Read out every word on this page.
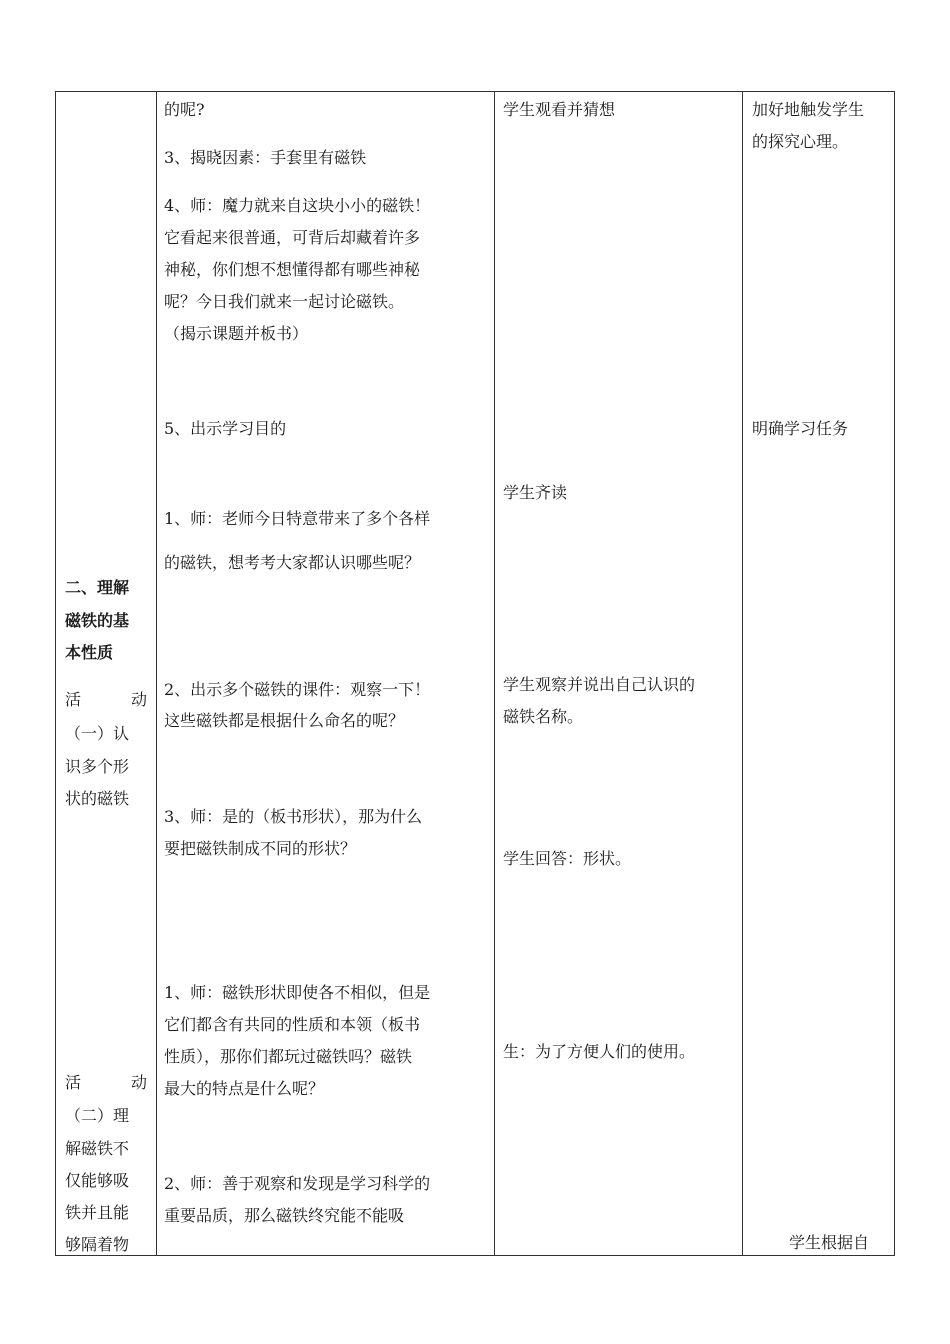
二、理解
磁铁的基
本性质
活	动
（一）认
识多个形
状的磁铁
活	动
（二）理
解磁铁不
仅能够吸
铁并且能
够隔着物
的呢?
3、揭晓因素：手套里有磁铁
4、师：魔力就来自这块小小的磁铁！
它看起来很普通，可背后却藏着许多
神秘，你们想不想懂得都有哪些神秘
呢？今日我们就来一起讨论磁铁。
（揭示课题并板书）
5、出示学习目的
1、师：老师今日特意带来了多个各样
的磁铁，想考考大家都认识哪些呢？
2、出示多个磁铁的课件：观察一下！
这些磁铁都是根据什么命名的呢？
3、师：是的（板书形状），那为什么
要把磁铁制成不同的形状？
1、师：磁铁形状即使各不相似，但是
它们都含有共同的性质和本领（板书
性质），那你们都玩过磁铁吗？磁铁
最大的特点是什么呢？
2、师：善于观察和发现是学习科学的
重要品质，那么磁铁终究能不能吸
学生观看并猜想
学生齐读
学生观察并说出自己认识的
磁铁名称。
学生回答：形状。
生：为了方便人们的使用。
加好地触发学生
的探究心理。
明确学习任务
学生根据自
